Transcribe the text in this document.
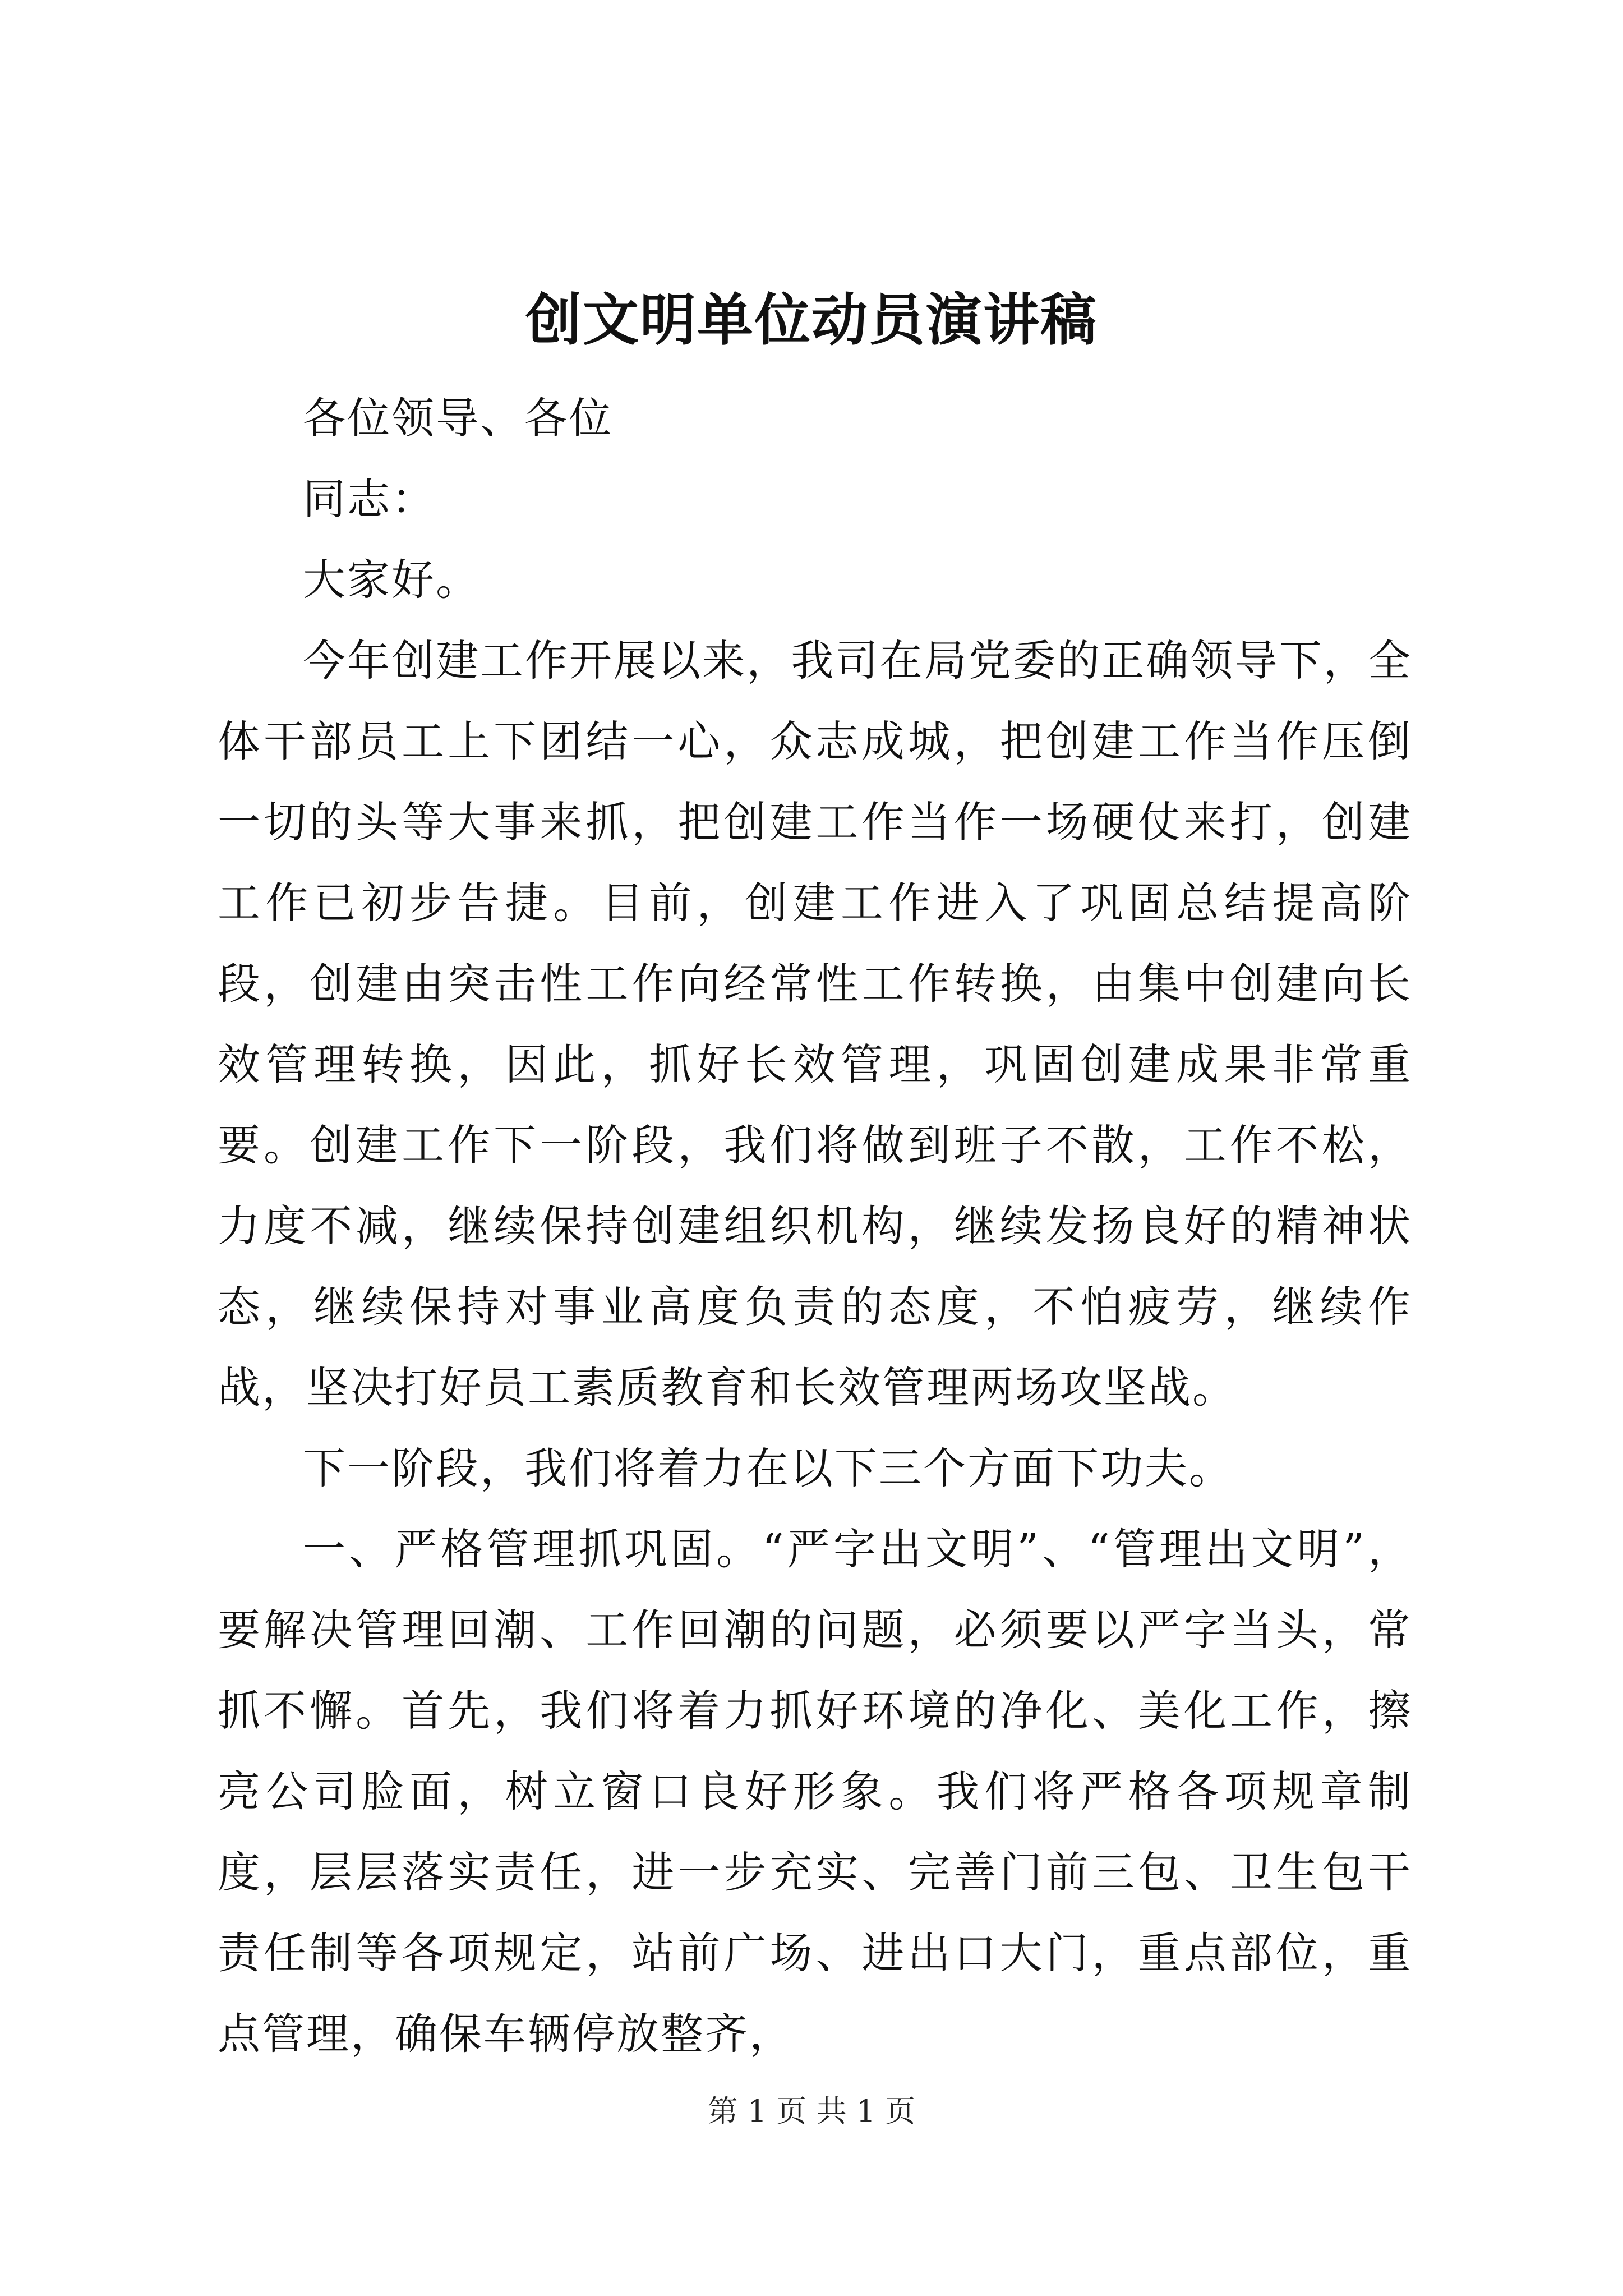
创文明单位动员演讲稿

各位领导、各位

同志：

大家好。

今年创建工作开展以来，我司在局党委的正确领导下，全体干部员工上下团结一心，众志成城，把创建工作当作压倒一切的头等大事来抓，把创建工作当作一场硬仗来打，创建工作已初步告捷。目前，创建工作进入了巩固总结提高阶段，创建由突击性工作向经常性工作转换，由集中创建向长效管理转换，因此，抓好长效管理，巩固创建成果非常重要。创建工作下一阶段，我们将做到班子不散，工作不松，力度不减，继续保持创建组织机构，继续发扬良好的精神状态，继续保持对事业高度负责的态度，不怕疲劳，继续作战，坚决打好员工素质教育和长效管理两场攻坚战。

下一阶段，我们将着力在以下三个方面下功夫。

一、严格管理抓巩固。“严字出文明”、“管理出文明”，要解决管理回潮、工作回潮的问题，必须要以严字当头，常抓不懈。首先，我们将着力抓好环境的净化、美化工作，擦亮公司脸面，树立窗口良好形象。我们将严格各项规章制度，层层落实责任，进一步充实、完善门前三包、卫生包干责任制等各项规定，站前广场、进出口大门，重点部位，重点管理，确保车辆停放整齐，

第 1 页 共 1 页
